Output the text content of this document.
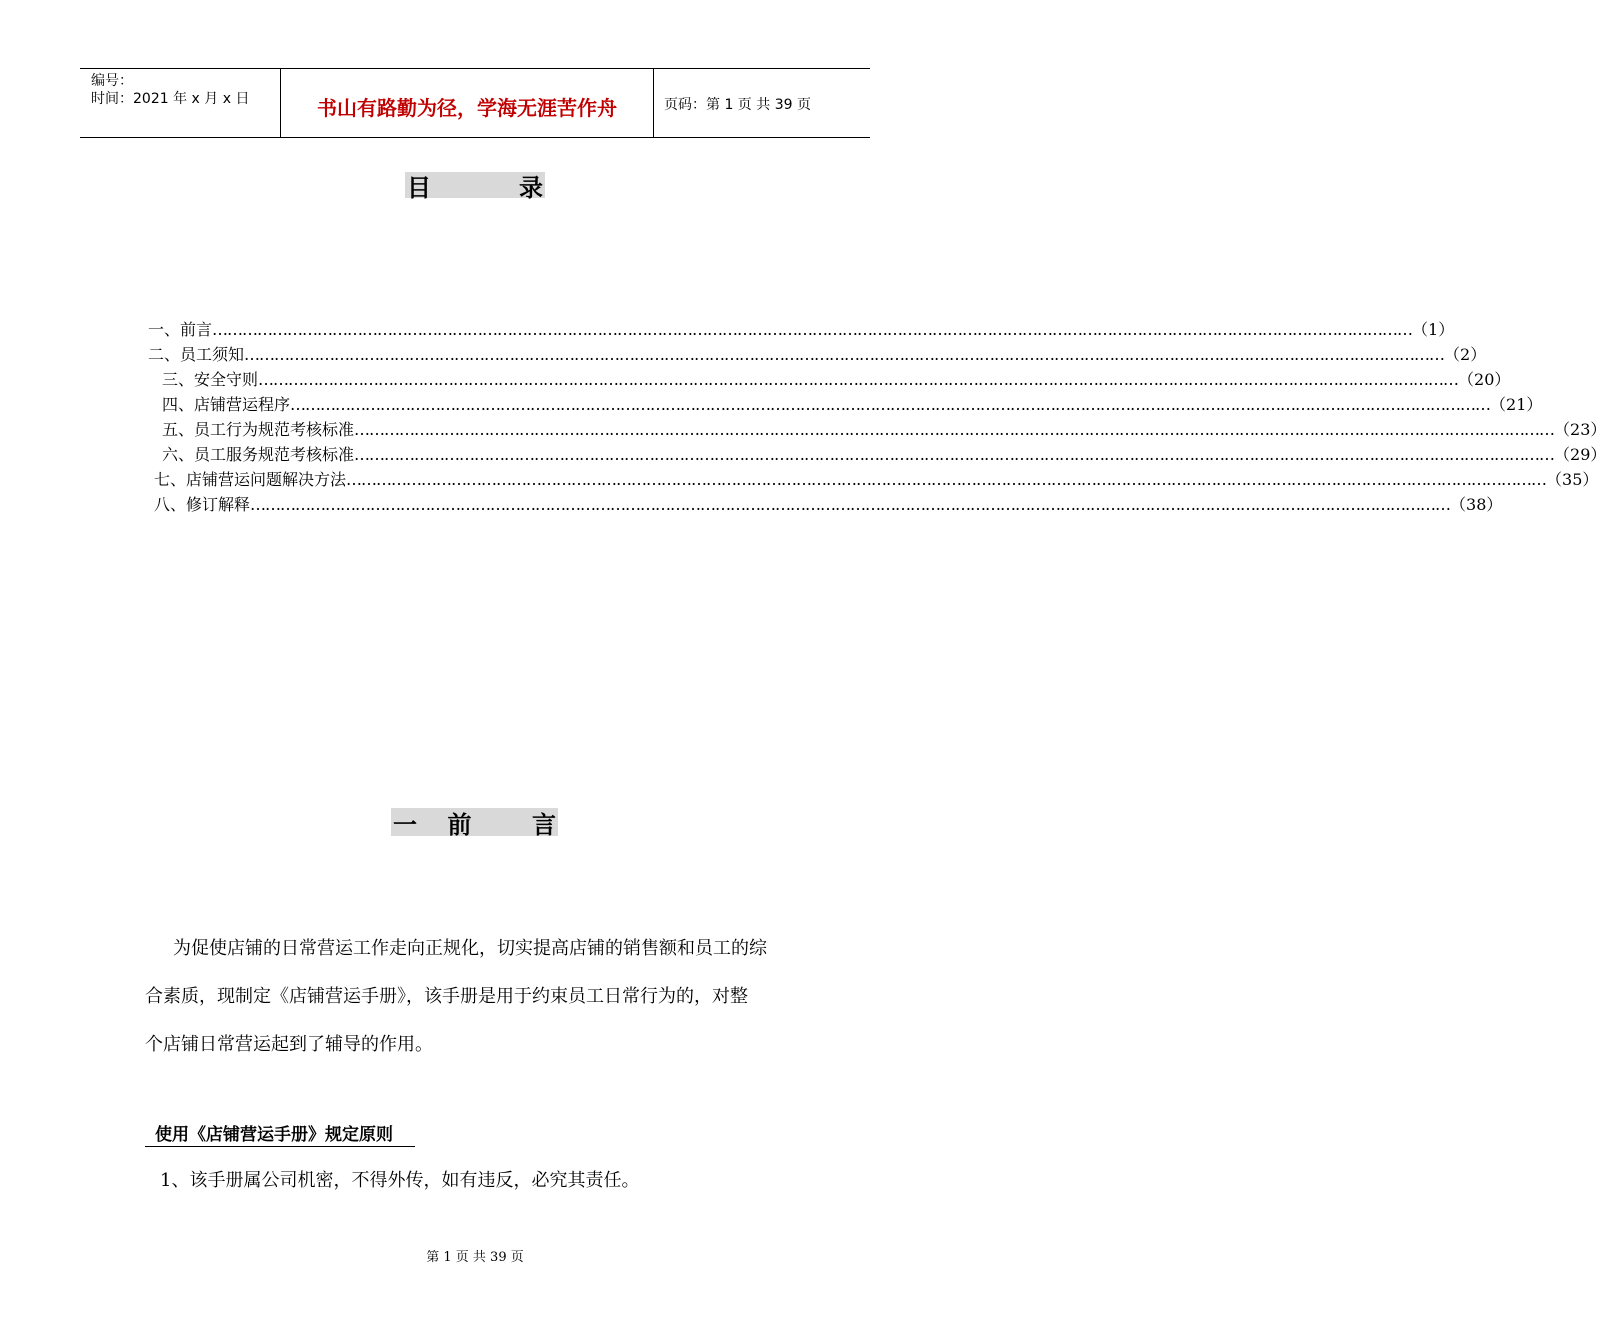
编号：
时间：2021 年 x 月 x 日	书山有路勤为径，学海无涯苦作舟	页码：第 1 页 共 39 页
目	录
一、前言 …………………………………………………………………………………………………………………………………………………………………………………………………………………… （1）
二、员工须知 …………………………………………………………………………………………………………………………………………………………………………………………………………………… （2）
三、安全守则 …………………………………………………………………………………………………………………………………………………………………………………………………………………… （20）
四、店铺营运程序 …………………………………………………………………………………………………………………………………………………………………………………………………………………… （21）
五、员工行为规范考核标准 …………………………………………………………………………………………………………………………………………………………………………………………………………………… （23）
六、员工服务规范考核标准 …………………………………………………………………………………………………………………………………………………………………………………………………………………… （29）
七、店铺营运问题解决方法 …………………………………………………………………………………………………………………………………………………………………………………………………………………… （35）
八、修订解释 …………………………………………………………………………………………………………………………………………………………………………………………………………………… （38）
一 前	言
为促使店铺的日常营运工作走向正规化，切实提高店铺的销售额和员工的综
合素质，现制定《店铺营运手册》，该手册是用于约束员工日常行为的，对整
个店铺日常营运起到了辅导的作用。
使用《店铺营运手册》规定原则
1、该手册属公司机密，不得外传，如有违反，必究其责任。
第 1 页 共 39 页
